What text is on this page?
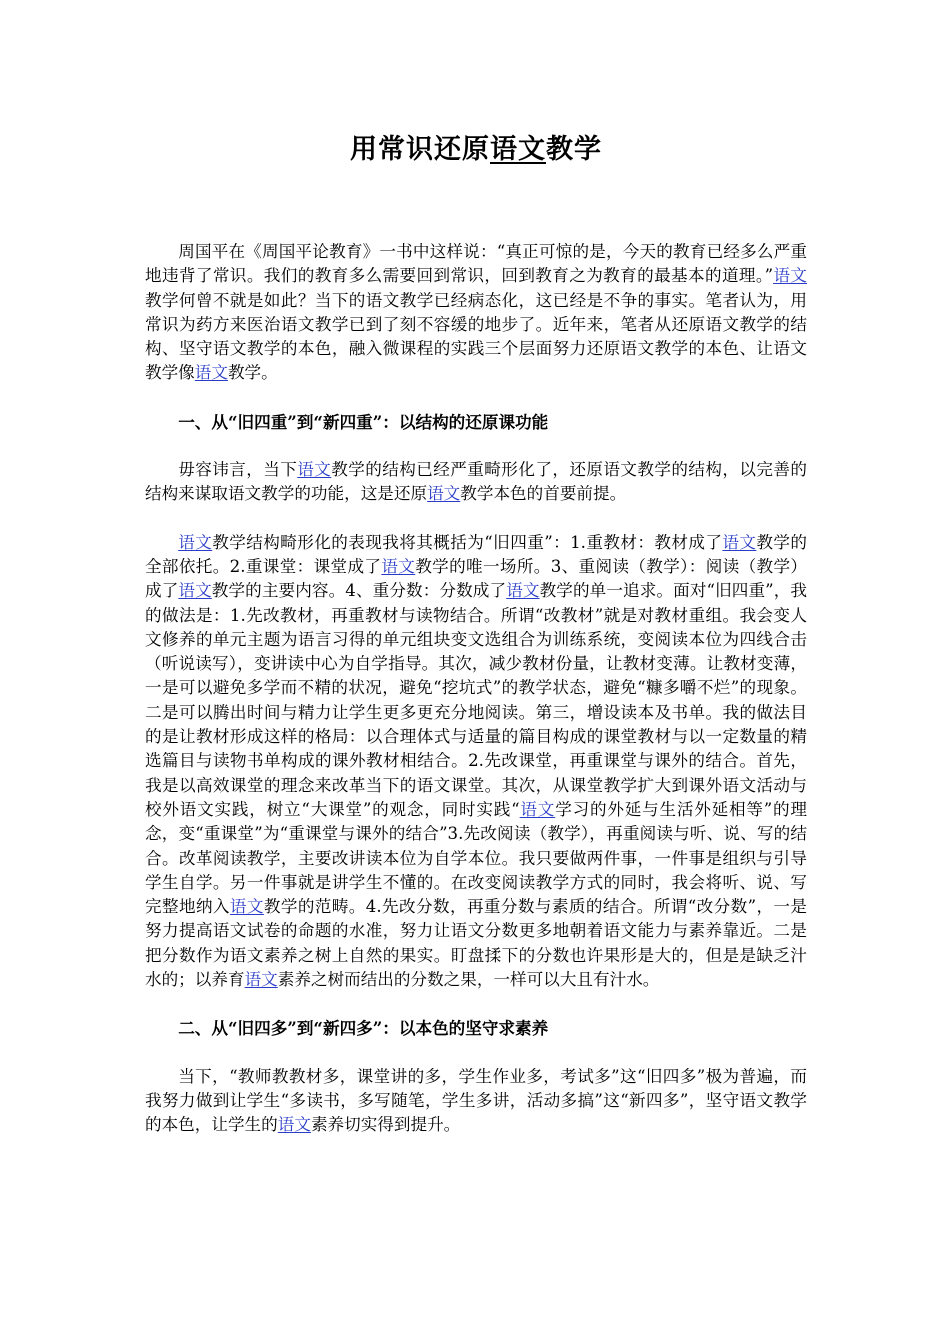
用常识还原语文教学

周国平在《周国平论教育》一书中这样说：“真正可惊的是，今天的教育已经多么严重地违背了常识。我们的教育多么需要回到常识，回到教育之为教育的最基本的道理。”语文教学何曾不就是如此？当下的语文教学已经病态化，这已经是不争的事实。笔者认为，用常识为药方来医治语文教学已到了刻不容缓的地步了。近年来，笔者从还原语文教学的结构、坚守语文教学的本色，融入微课程的实践三个层面努力还原语文教学的本色、让语文教学像语文教学。

一、从“旧四重”到“新四重”：以结构的还原课功能

毋容讳言，当下语文教学的结构已经严重畸形化了，还原语文教学的结构，以完善的结构来谋取语文教学的功能，这是还原语文教学本色的首要前提。

语文教学结构畸形化的表现我将其概括为“旧四重”：1.重教材：教材成了语文教学的全部依托。2.重课堂：课堂成了语文教学的唯一场所。3、重阅读（教学）：阅读（教学）成了语文教学的主要内容。4、重分数：分数成了语文教学的单一追求。面对“旧四重”，我的做法是：1.先改教材，再重教材与读物结合。所谓“改教材”就是对教材重组。我会变人文修养的单元主题为语言习得的单元组块变文选组合为训练系统，变阅读本位为四线合击（听说读写），变讲读中心为自学指导。其次，减少教材份量，让教材变薄。让教材变薄，一是可以避免多学而不精的状况，避免“挖坑式”的教学状态，避免“糠多嚼不烂”的现象。二是可以腾出时间与精力让学生更多更充分地阅读。第三，增设读本及书单。我的做法目的是让教材形成这样的格局：以合理体式与适量的篇目构成的课堂教材与以一定数量的精选篇目与读物书单构成的课外教材相结合。2.先改课堂，再重课堂与课外的结合。首先，我是以高效课堂的理念来改革当下的语文课堂。其次，从课堂教学扩大到课外语文活动与校外语文实践，树立“大课堂”的观念，同时实践“语文学习的外延与生活外延相等”的理念，变“重课堂”为“重课堂与课外的结合”3.先改阅读（教学），再重阅读与听、说、写的结合。改革阅读教学，主要改讲读本位为自学本位。我只要做两件事，一件事是组织与引导学生自学。另一件事就是讲学生不懂的。在改变阅读教学方式的同时，我会将听、说、写完整地纳入语文教学的范畴。4.先改分数，再重分数与素质的结合。所谓“改分数”，一是努力提高语文试卷的命题的水准，努力让语文分数更多地朝着语文能力与素养靠近。二是把分数作为语文素养之树上自然的果实。盯盘揉下的分数也许果形是大的，但是是缺乏汁水的；以养育语文素养之树而结出的分数之果，一样可以大且有汁水。

二、从“旧四多”到“新四多”：以本色的坚守求素养

当下，“教师教教材多，课堂讲的多，学生作业多，考试多”这“旧四多”极为普遍，而我努力做到让学生“多读书，多写随笔，学生多讲，活动多搞”这“新四多”，坚守语文教学的本色，让学生的语文素养切实得到提升。
